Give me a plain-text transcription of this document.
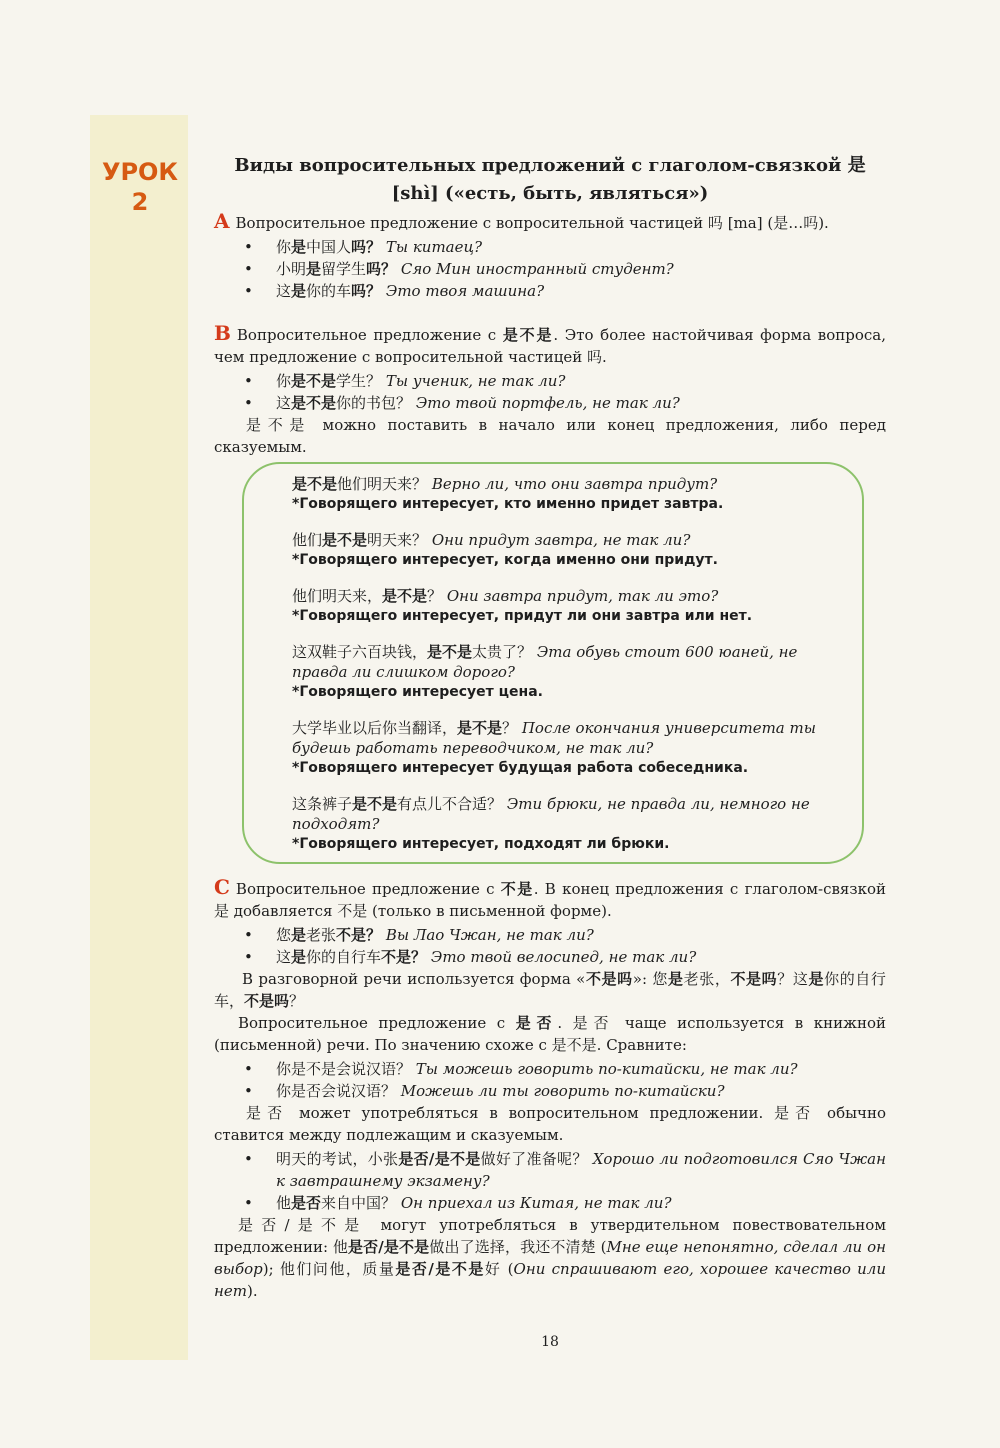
УРОК
2
Виды вопросительных предложений с глаголом-связкой 是
[shì] («есть, быть, являться»)

A Вопросительное предложение с вопросительной частицей 吗 [ma] (是…吗).

• 你是中国人吗？ Ты китаец?
• 小明是留学生吗？ Сяо Мин иностранный студент?
• 这是你的车吗？ Это твоя машина?

B Вопросительное предложение с 是不是. Это более настойчивая форма вопроса, чем предложение с вопросительной частицей 吗.

• 你是不是学生？ Ты ученик, не так ли?
• 这是不是你的书包？ Это твой портфель, не так ли?

是不是 можно поставить в начало или конец предложения, либо перед сказуемым.

是不是他们明天来？ Верно ли, что они завтра придут?
*Говорящего интересует, кто именно придет завтра.
他们是不是明天来？ Они придут завтра, не так ли?
*Говорящего интересует, когда именно они придут.
他们明天来，是不是？ Они завтра придут, так ли это?
*Говорящего интересует, придут ли они завтра или нет.
这双鞋子六百块钱，是不是太贵了？ Эта обувь стоит 600 юаней, не правда ли слишком дорого?
*Говорящего интересует цена.
大学毕业以后你当翻译，是不是？ После окончания университета ты будешь работать переводчиком, не так ли?
*Говорящего интересует будущая работа собеседника.
这条裤子是不是有点儿不合适？ Эти брюки, не правда ли, немного не подходят?
*Говорящего интересует, подходят ли брюки.

C Вопросительное предложение с 不是. В конец предложения с глаголом-связкой 是 добавляется 不是 (только в письменной форме).

• 您是老张不是？ Вы Лао Чжан, не так ли?
• 这是你的自行车不是？ Это твой велосипед, не так ли?

В разговорной речи используется форма «不是吗»: 您是老张，不是吗？这是你的自行车，不是吗？

Вопросительное предложение с 是否. 是否 чаще используется в книжной (письменной) речи. По значению схоже с 是不是. Сравните:

• 你是不是会说汉语？ Ты можешь говорить по-китайски, не так ли?
• 你是否会说汉语？ Можешь ли ты говорить по-китайски?

是否 может употребляться в вопросительном предложении. 是否 обычно ставится между подлежащим и сказуемым.

• 明天的考试，小张是否/是不是做好了准备呢？ Хорошо ли подготовился Сяо Чжан к завтрашнему экзамену?
• 他是否来自中国？ Он приехал из Китая, не так ли?

是否/是不是 могут употребляться в утвердительном повествовательном предложении: 他是否/是不是做出了选择，我还不清楚 (Мне еще непонятно, сделал ли он выбор); 他们问他，质量是否/是不是好 (Они спрашивают его, хорошее качество или нет).

18
